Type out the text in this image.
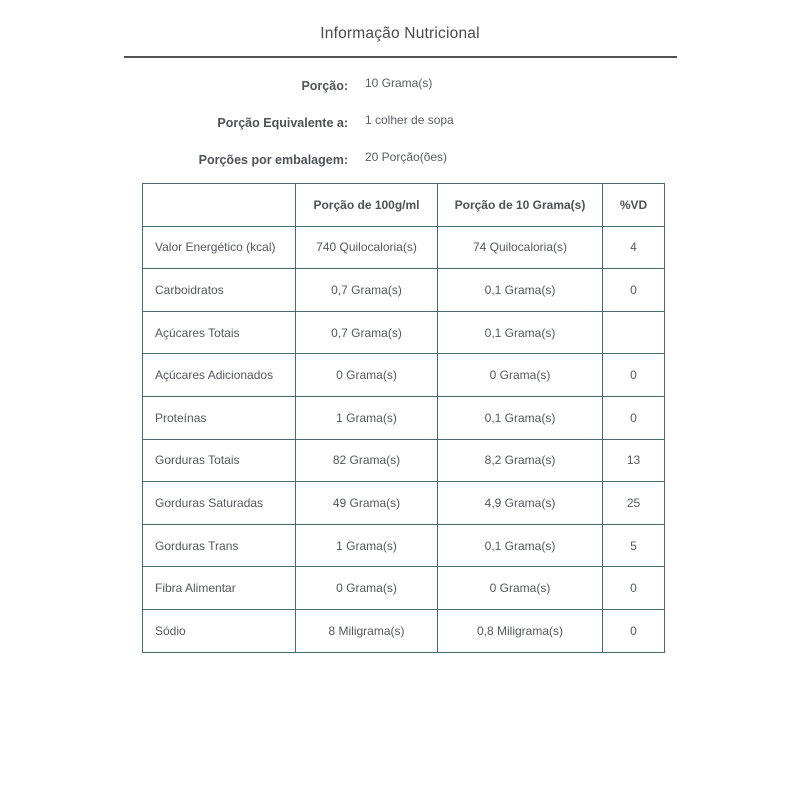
Informação Nutricional
Porção: 10 Grama(s)
Porção Equivalente a: 1 colher de sopa
Porções por embalagem: 20 Porção(ões)
	Porção de 100g/ml	Porção de 10 Grama(s)	%VD
Valor Energético (kcal)	740 Quilocaloria(s)	74 Quilocaloria(s)	4
Carboidratos	0,7 Grama(s)	0,1 Grama(s)	0
Açúcares Totais	0,7 Grama(s)	0,1 Grama(s)	
Açúcares Adicionados	0 Grama(s)	0 Grama(s)	0
Proteínas	1 Grama(s)	0,1 Grama(s)	0
Gorduras Totais	82 Grama(s)	8,2 Grama(s)	13
Gorduras Saturadas	49 Grama(s)	4,9 Grama(s)	25
Gorduras Trans	1 Grama(s)	0,1 Grama(s)	5
Fibra Alimentar	0 Grama(s)	0 Grama(s)	0
Sódio	8 Miligrama(s)	0,8 Miligrama(s)	0
